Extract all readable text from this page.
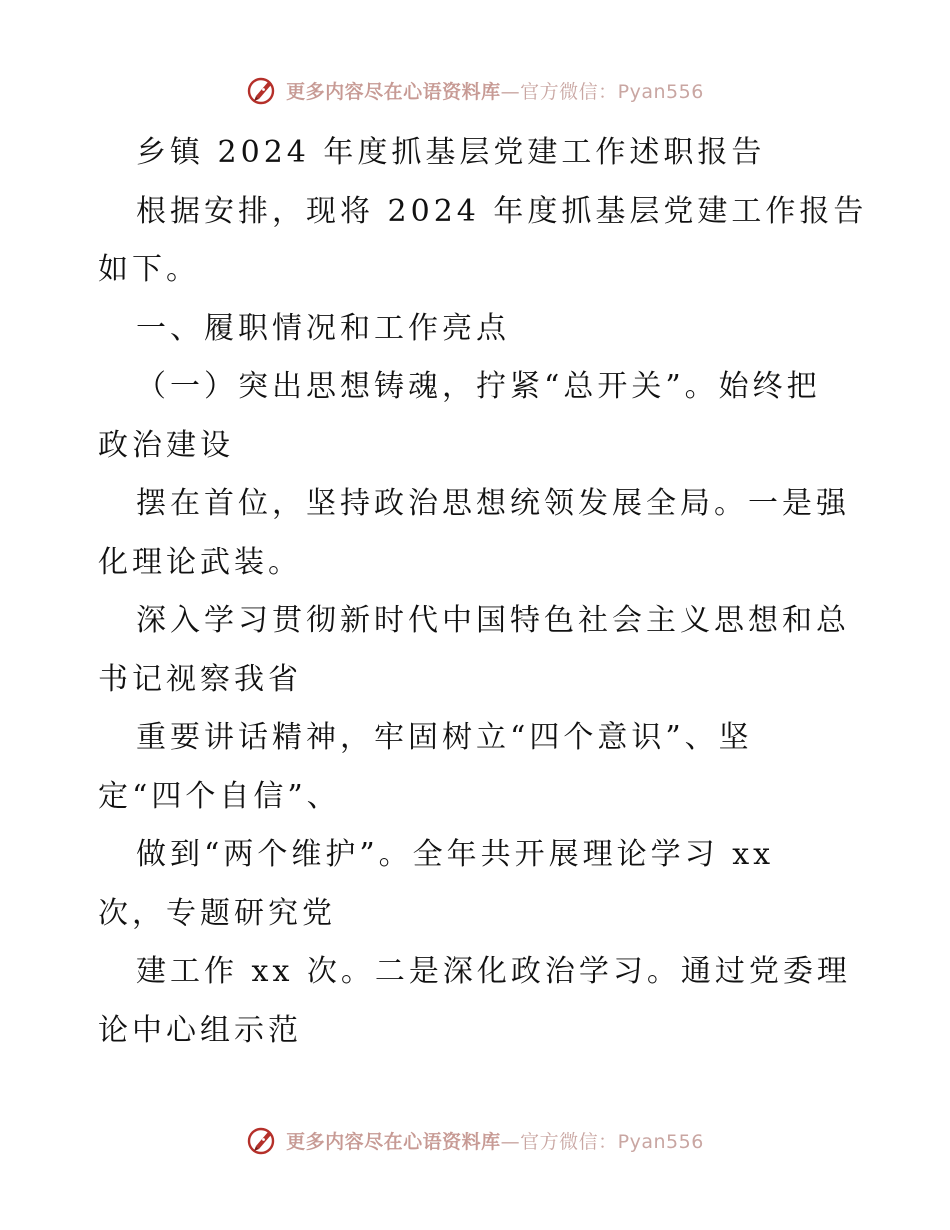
更多内容尽在心语资料库—官方微信：Pyan556
乡镇 2024 年度抓基层党建工作述职报告
根据安排，现将 2024 年度抓基层党建工作报告
如下。
一、履职情况和工作亮点
（一）突出思想铸魂，拧紧“总开关”。始终把
政治建设
摆在首位，坚持政治思想统领发展全局。一是强
化理论武装。
深入学习贯彻新时代中国特色社会主义思想和总
书记视察我省
重要讲话精神，牢固树立“四个意识”、坚
定“四个自信”、
做到“两个维护”。全年共开展理论学习 xx
次，专题研究党
建工作 xx 次。二是深化政治学习。通过党委理
论中心组示范
更多内容尽在心语资料库—官方微信：Pyan556
